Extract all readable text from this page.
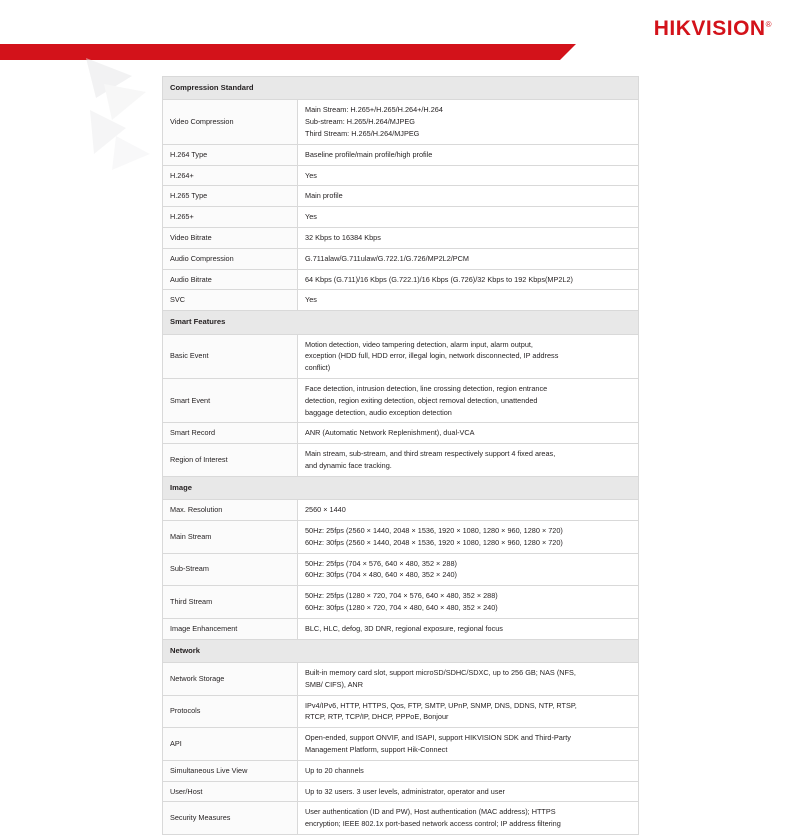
HIKVISION®
Compression Standard	
Video Compression	Main Stream: H.265+/H.265/H.264+/H.264
Sub-stream: H.265/H.264/MJPEG
Third Stream: H.265/H.264/MJPEG

H.264 Type	Baseline profile/main profile/high profile

H.264+	Yes

H.265 Type	Main profile

H.265+	Yes

Video Bitrate	32 Kbps to 16384 Kbps

Audio Compression	G.711alaw/G.711ulaw/G.722.1/G.726/MP2L2/PCM

Audio Bitrate	64 Kbps (G.711)/16 Kbps (G.722.1)/16 Kbps (G.726)/32 Kbps to 192 Kbps(MP2L2)

SVC	Yes

Smart Features	
Basic Event	Motion detection, video tampering detection, alarm input, alarm output,
exception (HDD full, HDD error, illegal login, network disconnected, IP address
conflict)

Smart Event	Face detection, intrusion detection, line crossing detection, region entrance
detection, region exiting detection, object removal detection, unattended
baggage detection, audio exception detection

Smart Record	ANR (Automatic Network Replenishment), dual-VCA

Region of Interest	Main stream, sub-stream, and third stream respectively support 4 fixed areas,
and dynamic face tracking.

Image	
Max. Resolution	2560 × 1440

Main Stream	50Hz: 25fps (2560 × 1440, 2048 × 1536, 1920 × 1080, 1280 × 960, 1280 × 720)
60Hz: 30fps (2560 × 1440, 2048 × 1536, 1920 × 1080, 1280 × 960, 1280 × 720)

Sub-Stream	50Hz: 25fps (704 × 576, 640 × 480, 352 × 288)
60Hz: 30fps (704 × 480, 640 × 480, 352 × 240)

Third Stream	50Hz: 25fps (1280 × 720, 704 × 576, 640 × 480, 352 × 288)
60Hz: 30fps (1280 × 720, 704 × 480, 640 × 480, 352 × 240)

Image Enhancement	BLC, HLC, defog, 3D DNR, regional exposure, regional focus

Network	
Network Storage	Built-in memory card slot, support microSD/SDHC/SDXC, up to 256 GB; NAS (NFS,
SMB/ CIFS), ANR

Protocols	IPv4/IPv6, HTTP, HTTPS, Qos, FTP, SMTP, UPnP, SNMP, DNS, DDNS, NTP, RTSP,
RTCP, RTP, TCP/IP, DHCP, PPPoE, Bonjour

API	Open-ended, support ONVIF, and ISAPI, support HIKVISION SDK and Third-Party
Management Platform, support Hik-Connect

Simultaneous Live View	Up to 20 channels

User/Host	Up to 32 users. 3 user levels, administrator, operator and user

Security Measures	User authentication (ID and PW), Host authentication (MAC address); HTTPS
encryption; IEEE 802.1x port-based network access control; IP address filtering
